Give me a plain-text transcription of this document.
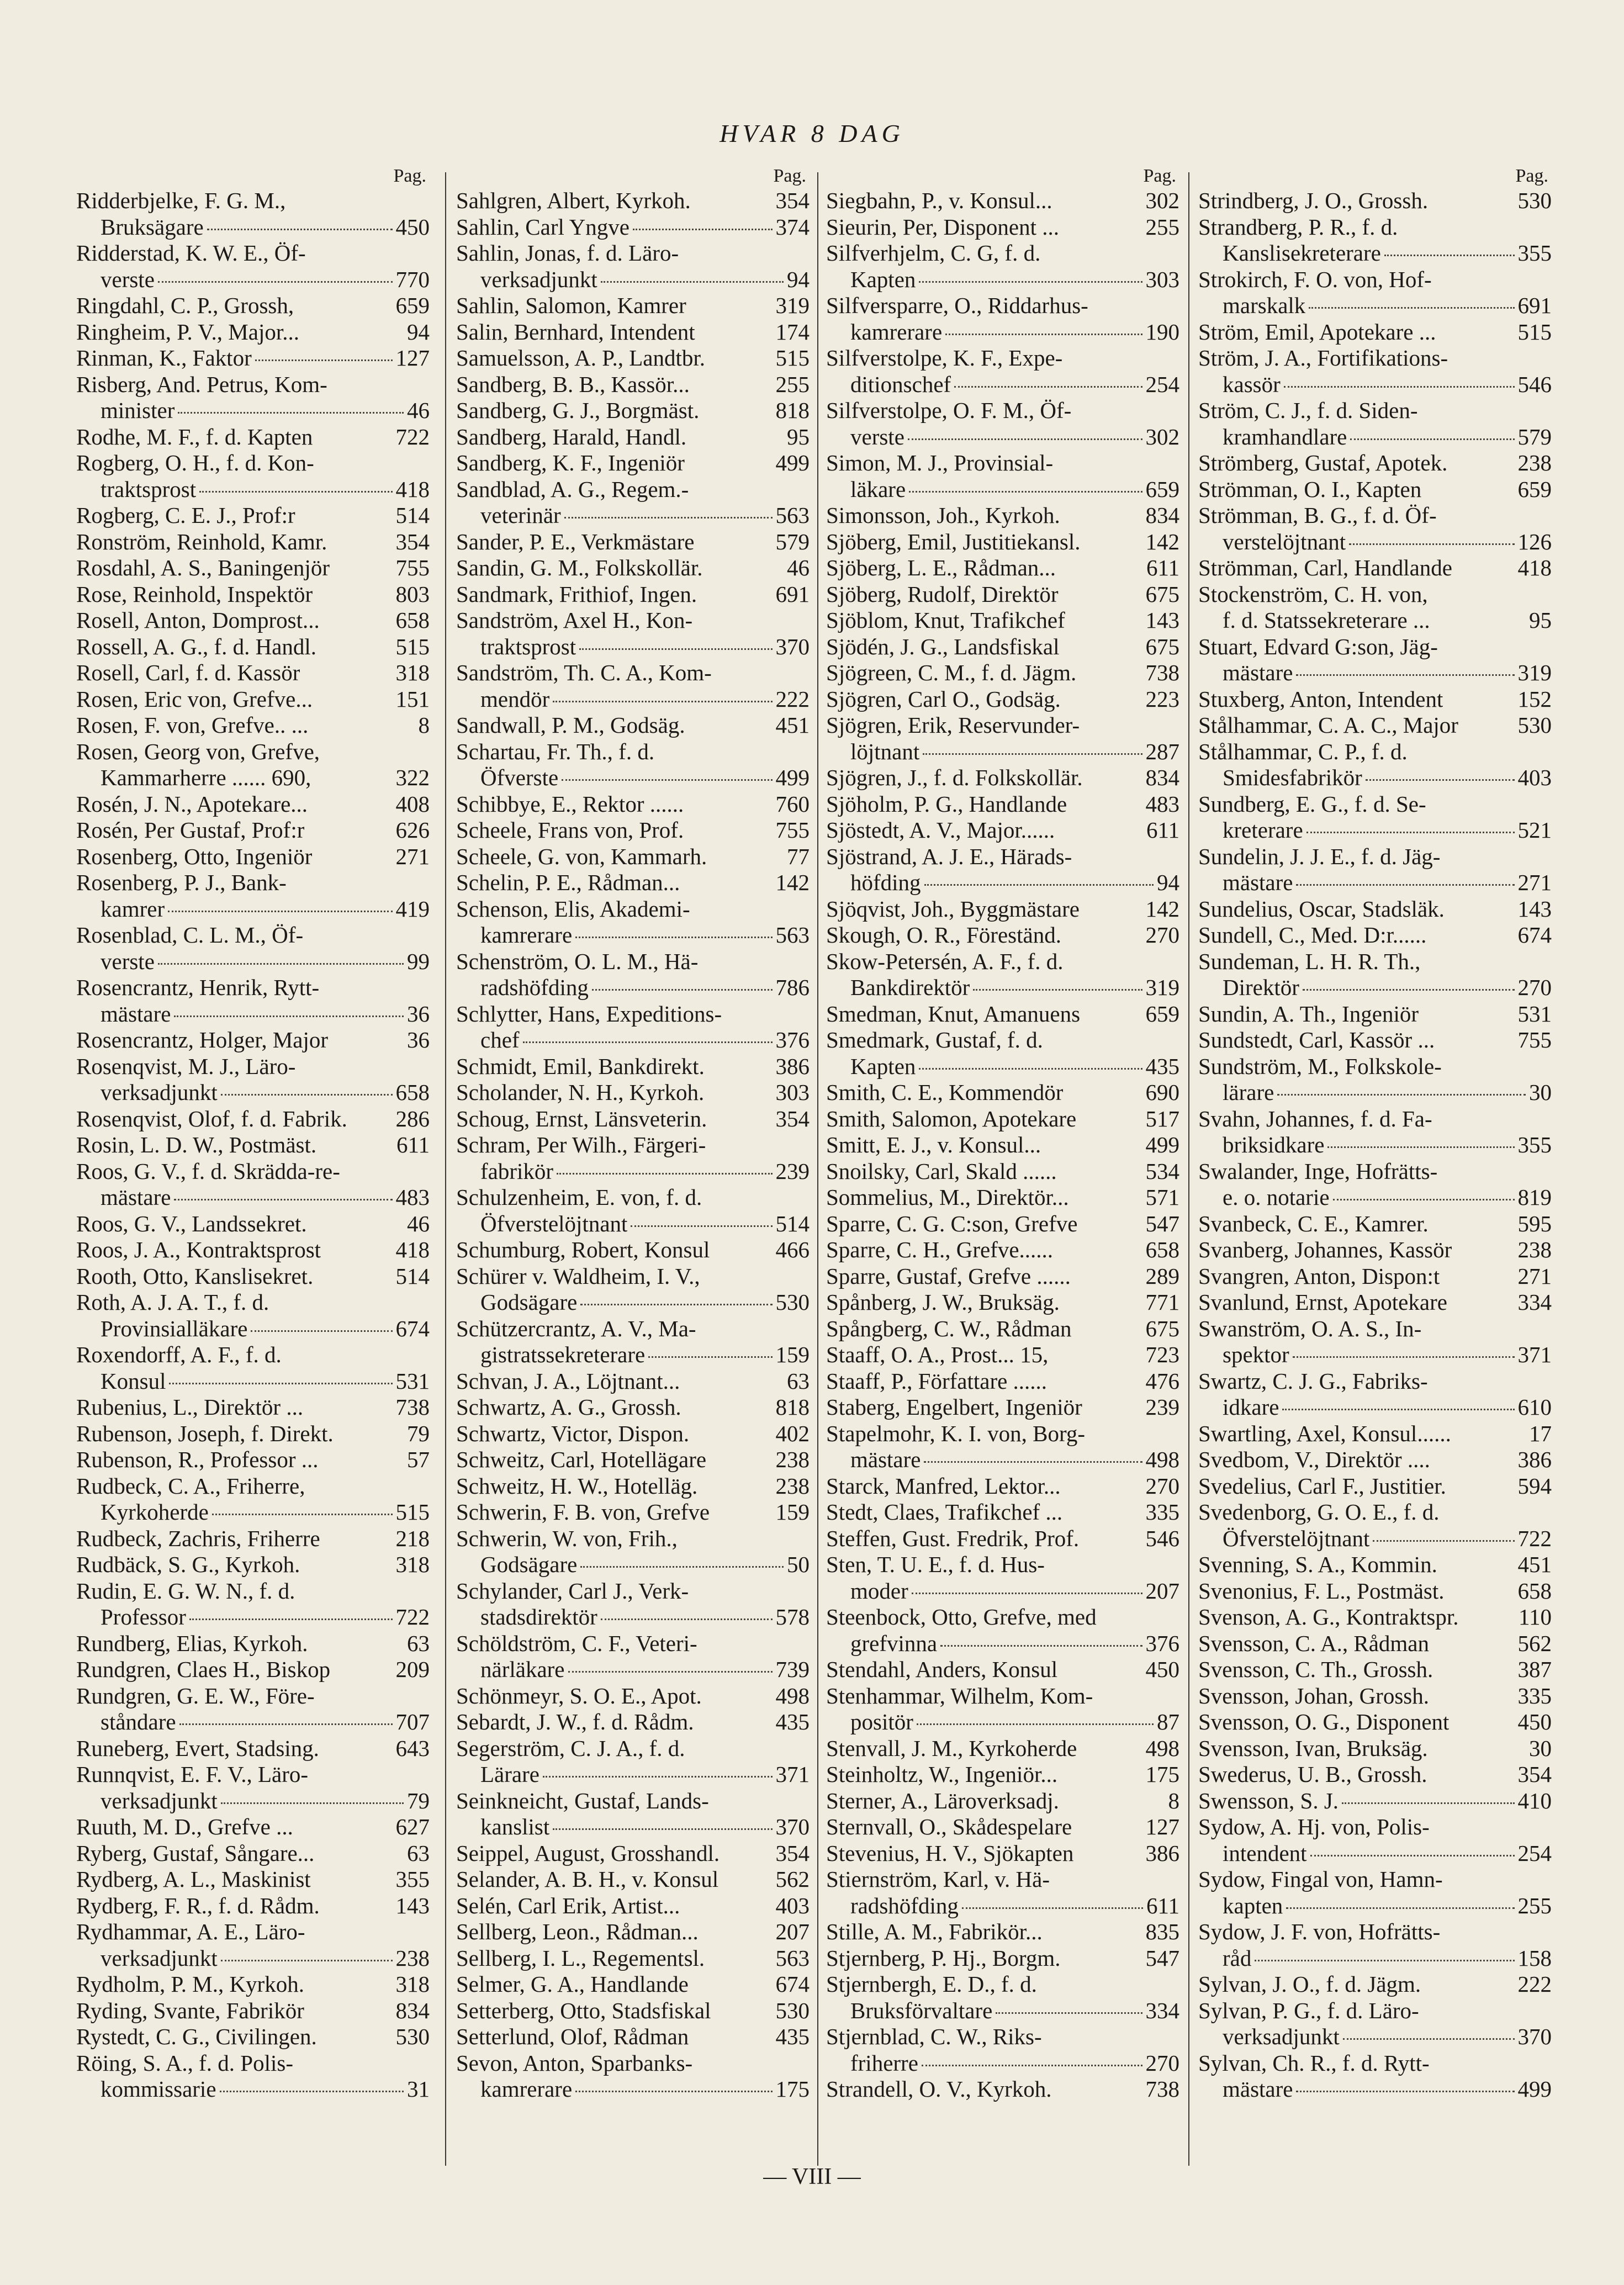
HVAR 8 DAG
Pag.
Ridderbjelke, F. G. M.,
Bruksägare	450
Ridderstad, K. W. E., Öf-
verste	770
Ringdahl, C. P., Grossh,	659
Ringheim, P. V., Major...	94
Rinman, K., Faktor	127
Risberg, And. Petrus, Kom-
minister	46
Rodhe, M. F., f. d. Kapten	722
Rogberg, O. H., f. d. Kon-
traktsprost	418
Rogberg, C. E. J., Prof:r	514
Ronström, Reinhold, Kamr.	354
Rosdahl, A. S., Baningenjör	755
Rose, Reinhold, Inspektör	803
Rosell, Anton, Domprost...	658
Rossell, A. G., f. d. Handl.	515
Rosell, Carl, f. d. Kassör	318
Rosen, Eric von, Grefve...	151
Rosen, F. von, Grefve.. ...	8
Rosen, Georg von, Grefve,
Kammarherre ...... 690,	322
Rosén, J. N., Apotekare...	408
Rosén, Per Gustaf, Prof:r	626
Rosenberg, Otto, Ingeniör	271
Rosenberg, P. J., Bank-
kamrer	419
Rosenblad, C. L. M., Öf-
verste	99
Rosencrantz, Henrik, Rytt-
mästare	36
Rosencrantz, Holger, Major	36
Rosenqvist, M. J., Läro-
verksadjunkt	658
Rosenqvist, Olof, f. d. Fabrik. 286
Rosin, L. D. W., Postmäst.	611
Roos, G. V., f. d. Skrädda-re-
mästare	483
Roos, G. V., Landssekret.	46
Roos, J. A., Kontraktsprost	418
Rooth, Otto, Kanslisekret.	514
Roth, A. J. A. T., f. d.
Provinsialläkare	674
Roxendorff, A. F., f. d.
Konsul	531
Rubenius, L., Direktör ...	738
Rubenson, Joseph, f. Direkt.	79
Rubenson, R., Professor ...	57
Rudbeck, C. A., Friherre,
Kyrkoherde	515
Rudbeck, Zachris, Friherre	218
Rudbäck, S. G., Kyrkoh.	318
Rudin, E. G. W. N., f. d.
Professor	722
Rundberg, Elias, Kyrkoh.	63
Rundgren, Claes H., Biskop	209
Rundgren, G. E. W., Före-
ståndare	707
Runeberg, Evert, Stadsing.	643
Runnqvist, E. F. V., Läro-
verksadjunkt	79
Ruuth, M. D., Grefve ...	627
Ryberg, Gustaf, Sångare...	63
Rydberg, A. L., Maskinist	355
Rydberg, F. R., f. d. Rådm.	143
Rydhammar, A. E., Läro-
verksadjunkt	238
Rydholm, P. M., Kyrkoh.	318
Ryding, Svante, Fabrikör	834
Rystedt, C. G., Civilingen.	530
Röing, S. A., f. d. Polis-
kommissarie	31
Pag.
Sahlgren, Albert, Kyrkoh.	354
Sahlin, Carl Yngve	374
Sahlin, Jonas, f. d. Läro-
verksadjunkt	94
Sahlin, Salomon, Kamrer	319
Salin, Bernhard, Intendent	174
Samuelsson, A. P., Landtbr.	515
Sandberg, B. B., Kassör...	255
Sandberg, G. J., Borgmäst.	818
Sandberg, Harald, Handl.	95
Sandberg, K. F., Ingeniör	499
Sandblad, A. G., Regem.-
veterinär	563
Sander, P. E., Verkmästare	579
Sandin, G. M., Folkskollär.	46
Sandmark, Frithiof, Ingen.	691
Sandström, Axel H., Kon-
traktsprost	370
Sandström, Th. C. A., Kom-
mendör	222
Sandwall, P. M., Godsäg.	451
Schartau, Fr. Th., f. d.
Öfverste	499
Schibbye, E., Rektor ......	760
Scheele, Frans von, Prof.	755
Scheele, G. von, Kammarh.	77
Schelin, P. E., Rådman...	142
Schenson, Elis, Akademi-
kamrerare	563
Schenström, O. L. M., Hä-
radshöfding	786
Schlytter, Hans, Expeditions-
chef	376
Schmidt, Emil, Bankdirekt.	386
Scholander, N. H., Kyrkoh.	303
Schoug, Ernst, Länsveterin.	354
Schram, Per Wilh., Färgeri-
fabrikör	239
Schulzenheim, E. von, f. d.
Öfverstelöjtnant	514
Schumburg, Robert, Konsul	466
Schürer v. Waldheim, I. V.,
Godsägare	530
Schützercrantz, A. V., Ma-
gistratssekreterare	159
Schvan, J. A., Löjtnant...	63
Schwartz, A. G., Grossh.	818
Schwartz, Victor, Dispon.	402
Schweitz, Carl, Hotellägare	238
Schweitz, H. W., Hotelläg.	238
Schwerin, F. B. von, Grefve	159
Schwerin, W. von, Frih.,
Godsägare	50
Schylander, Carl J., Verk-
stadsdirektör	578
Schöldström, C. F., Veteri-
närläkare	739
Schönmeyr, S. O. E., Apot.	498
Sebardt, J. W., f. d. Rådm.	435
Segerström, C. J. A., f. d.
Lärare	371
Seinkneicht, Gustaf, Lands-
kanslist	370
Seippel, August, Grosshandl. 354
Selander, A. B. H., v. Konsul	562
Selén, Carl Erik, Artist...	403
Sellberg, Leon., Rådman...	207
Sellberg, I. L., Regementsl.	563
Selmer, G. A., Handlande	674
Setterberg, Otto, Stadsfiskal	530
Setterlund, Olof, Rådman	435
Sevon, Anton, Sparbanks-
kamrerare	175
Pag.
Siegbahn, P., v. Konsul...	302
Sieurin, Per, Disponent ...	255
Silfverhjelm, C. G, f. d.
Kapten	303
Silfversparre, O., Riddarhus-
kamrerare	190
Silfverstolpe, K. F., Expe-
ditionschef	254
Silfverstolpe, O. F. M., Öf-
verste	302
Simon, M. J., Provinsial-
läkare	659
Simonsson, Joh., Kyrkoh.	834
Sjöberg, Emil, Justitiekansl.	142
Sjöberg, L. E., Rådman...	611
Sjöberg, Rudolf, Direktör	675
Sjöblom, Knut, Trafikchef	143
Sjödén, J. G., Landsfiskal	675
Sjögreen, C. M., f. d. Jägm.	738
Sjögren, Carl O., Godsäg.	223
Sjögren, Erik, Reservunder-
löjtnant	287
Sjögren, J., f. d. Folkskollär.	834
Sjöholm, P. G., Handlande	483
Sjöstedt, A. V., Major......	611
Sjöstrand, A. J. E., Härads-
höfding	94
Sjöqvist, Joh., Byggmästare	142
Skough, O. R., Föreständ.	270
Skow-Petersén, A. F., f. d.
Bankdirektör	319
Smedman, Knut, Amanuens	659
Smedmark, Gustaf, f. d.
Kapten	435
Smith, C. E., Kommendör	690
Smith, Salomon, Apotekare	517
Smitt, E. J., v. Konsul...	499
Snoilsky, Carl, Skald ......	534
Sommelius, M., Direktör...	571
Sparre, C. G. C:son, Grefve	547
Sparre, C. H., Grefve......	658
Sparre, Gustaf, Grefve ......	289
Spånberg, J. W., Bruksäg.	771
Spångberg, C. W., Rådman	675
Staaff, O. A., Prost... 15,	723
Staaff, P., Författare ......	476
Staberg, Engelbert, Ingeniör	239
Stapelmohr, K. I. von, Borg-
mästare	498
Starck, Manfred, Lektor...	270
Stedt, Claes, Trafikchef ...	335
Steffen, Gust. Fredrik, Prof.	546
Sten, T. U. E., f. d. Hus-
moder	207
Steenbock, Otto, Grefve, med
grefvinna	376
Stendahl, Anders, Konsul	450
Stenhammar, Wilhelm, Kom-
positör	87
Stenvall, J. M., Kyrkoherde	498
Steinholtz, W., Ingeniör...	175
Sterner, A., Läroverksadj.	8
Sternvall, O., Skådespelare	127
Stevenius, H. V., Sjökapten	386
Stiernström, Karl, v. Hä-
radshöfding	611
Stille, A. M., Fabrikör...	835
Stjernberg, P. Hj., Borgm.	547
Stjernbergh, E. D., f. d.
Bruksförvaltare	334
Stjernblad, C. W., Riks-
friherre	270
Strandell, O. V., Kyrkoh.	738
Pag.
Strindberg, J. O., Grossh.	530
Strandberg, P. R., f. d.
Kanslisekreterare	355
Strokirch, F. O. von, Hof-
marskalk	691
Ström, Emil, Apotekare ...	515
Ström, J. A., Fortifikations-
kassör	546
Ström, C. J., f. d. Siden-
kramhandlare	579
Strömberg, Gustaf, Apotek.	238
Strömman, O. I., Kapten	659
Strömman, B. G., f. d. Öf-
verstelöjtnant	126
Strömman, Carl, Handlande	418
Stockenström, C. H. von,
f. d. Statssekreterare ...	95
Stuart, Edvard G:son, Jäg-
mästare	319
Stuxberg, Anton, Intendent	152
Stålhammar, C. A. C., Major	530
Stålhammar, C. P., f. d.
Smidesfabrikör	403
Sundberg, E. G., f. d. Se-
kreterare	521
Sundelin, J. J. E., f. d. Jäg-
mästare	271
Sundelius, Oscar, Stadsläk.	143
Sundell, C., Med. D:r......	674
Sundeman, L. H. R. Th.,
Direktör	270
Sundin, A. Th., Ingeniör	531
Sundstedt, Carl, Kassör ...	755
Sundström, M., Folkskole-
lärare	30
Svahn, Johannes, f. d. Fa-
briksidkare	355
Swalander, Inge, Hofrätts-
e. o. notarie	819
Svanbeck, C. E., Kamrer.	595
Svanberg, Johannes, Kassör	238
Svangren, Anton, Dispon:t	271
Svanlund, Ernst, Apotekare	334
Swanström, O. A. S., In-
spektor	371
Swartz, C. J. G., Fabriks-
idkare	610
Swartling, Axel, Konsul......	17
Svedbom, V., Direktör ....	386
Svedelius, Carl F., Justitier.	594
Svedenborg, G. O. E., f. d.
Öfverstelöjtnant	722
Svenning, S. A., Kommin.	451
Svenonius, F. L., Postmäst.	658
Svenson, A. G., Kontraktspr.	110
Svensson, C. A., Rådman	562
Svensson, C. Th., Grossh.	387
Svensson, Johan, Grossh.	335
Svensson, O. G., Disponent	450
Svensson, Ivan, Bruksäg.	30
Swederus, U. B., Grossh.	354
Swensson, S. J.	410
Sydow, A. Hj. von, Polis-
intendent	254
Sydow, Fingal von, Hamn-
kapten	255
Sydow, J. F. von, Hofrätts-
råd	158
Sylvan, J. O., f. d. Jägm.	222
Sylvan, P. G., f. d. Läro-
verksadjunkt	370
Sylvan, Ch. R., f. d. Rytt-
mästare	499
— VIII —
